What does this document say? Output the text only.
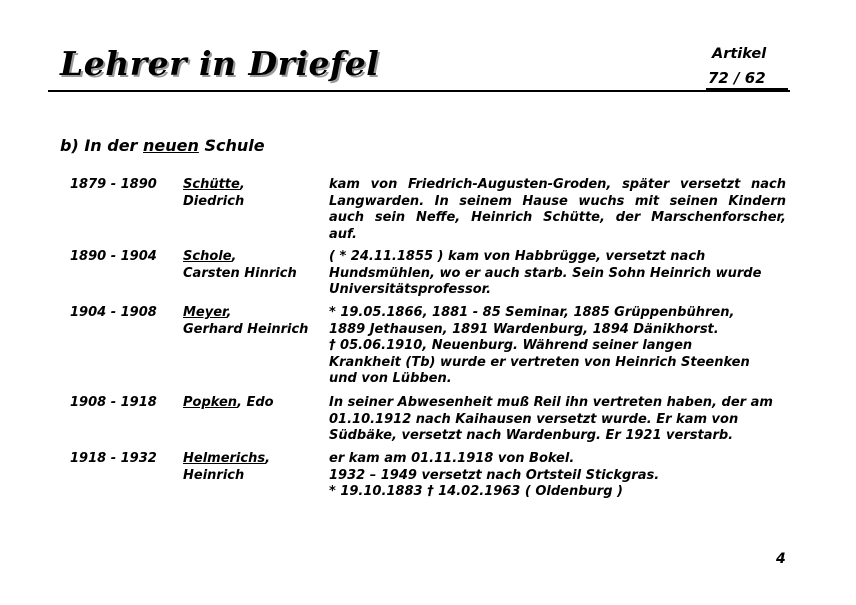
Lehrer in Driefel	Artikel
72 / 62
b) In der neuen Schule
1879 - 1890 Schütte,
Diedrich
kam von Friedrich-Augusten-Groden, später versetzt nach
Langwarden. In seinem Hause wuchs mit seinen Kindern
auch sein Neffe, Heinrich Schütte, der Marschenforscher,
auf.
1890 - 1904 Schole,
Carsten Hinrich
( * 24.11.1855 ) kam von Habbrügge, versetzt nach
Hundsmühlen, wo er auch starb. Sein Sohn Heinrich wurde
Universitätsprofessor.
1904 - 1908 Meyer,
Gerhard Heinrich
* 19.05.1866, 1881 - 85 Seminar, 1885 Grüppenbühren,
1889 Jethausen, 1891 Wardenburg, 1894 Dänikhorst.
† 05.06.1910, Neuenburg. Während seiner langen
Krankheit (Tb) wurde er vertreten von Heinrich Steenken
und von Lübben.
1908 - 1918 Popken, Edo	In seiner Abwesenheit muß Reil ihn vertreten haben, der am
01.10.1912 nach Kaihausen versetzt wurde. Er kam von
Südbäke, versetzt nach Wardenburg. Er 1921 verstarb.
1918 - 1932 Helmerichs,
Heinrich
er kam am 01.11.1918 von Bokel.
1932 – 1949 versetzt nach Ortsteil Stickgras.
* 19.10.1883 † 14.02.1963 ( Oldenburg )
4
